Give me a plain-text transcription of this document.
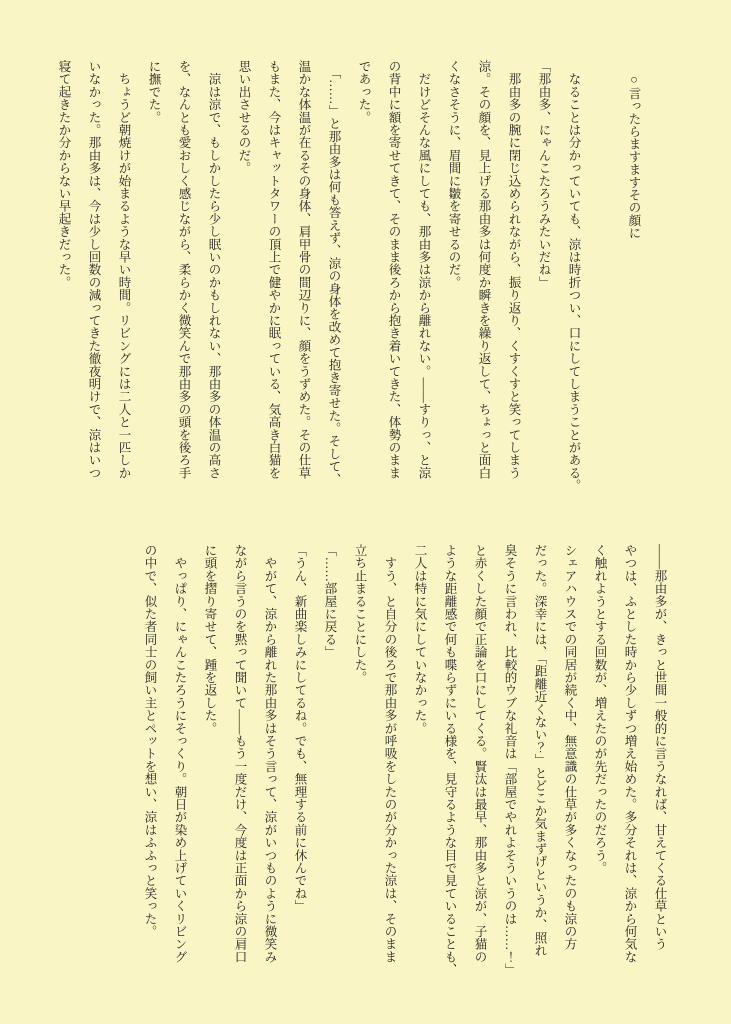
　○言ったらますますその顔に

　なることは分かっていても、涼は時折つい、口にしてしまうことがある。
「那由多、にゃんこたろうみたいだね」
　那由多の腕に閉じ込められながら、振り返り、くすくすと笑ってしまう
涼。その顔を、見上げる那由多は何度か瞬きを繰り返して、ちょっと面白
くなさそうに、眉間に皺を寄せるのだ。
　だけどそんな風にしても、那由多は涼から離れない。――すりっ、と涼
の背中に額を寄せてきて、そのまま後ろから抱き着いてきた、体勢のまま
であった。
　「……」と那由多は何も答えず、涼の身体を改めて抱き寄せた。そして、
温かな体温が在るその身体、肩甲骨の間辺りに、顔をうずめた。その仕草
もまた、今はキャットタワーの頂上で健やかに眠っている、気高き白猫を
思い出させるのだ。
　涼は涼で、もしかしたら少し眠いのかもしれない、那由多の体温の高さ
を、なんとも愛おしく感じながら、柔らかく微笑んで那由多の頭を後ろ手
に撫でた。
　ちょうど朝焼けが始まるような早い時間。リビングには二人と一匹しか
いなかった。那由多は、今は少し回数の減ってきた徹夜明けで、涼はいつ
寝て起きたか分からない早起きだった。
――那由多が、きっと世間一般的に言うなれば、甘えてくる仕草という
やつは、ふとした時から少しずつ増え始めた。多分それは、涼から何気な
く触れようとする回数が、増えたのが先だったのだろう。
シェアハウスでの同居が続く中、無意識の仕草が多くなったのも涼の方
だった。深幸には、「距離近くない？」とどこか気まずげというか、照れ
臭そうに言われ、比較的ウブな礼音は「部屋でやれよそういうのは……！」
と赤くした顔で正論を口にしてくる。賢汰は最早、那由多と涼が、子猫の
ような距離感で何も喋らずにいる様を、見守るような目で見ていることも、
二人は特に気にしていなかった。
　すう、と自分の後ろで那由多が呼吸をしたのが分かった涼は、そのまま
立ち止まることにした。
「……部屋に戻る」
「うん、新曲楽しみにしてるね。でも、無理する前に休んでね」
　やがて、涼から離れた那由多はそう言って、涼がいつものように微笑み
ながら言うのを黙って聞いて――もう一度だけ、今度は正面から涼の肩口
に頭を摺り寄せて、踵を返した。
　やっぱり、にゃんこたろうにそっくり。朝日が染め上げていくリビング
の中で、似た者同士の飼い主とペットを想い、涼はふふっと笑った。
